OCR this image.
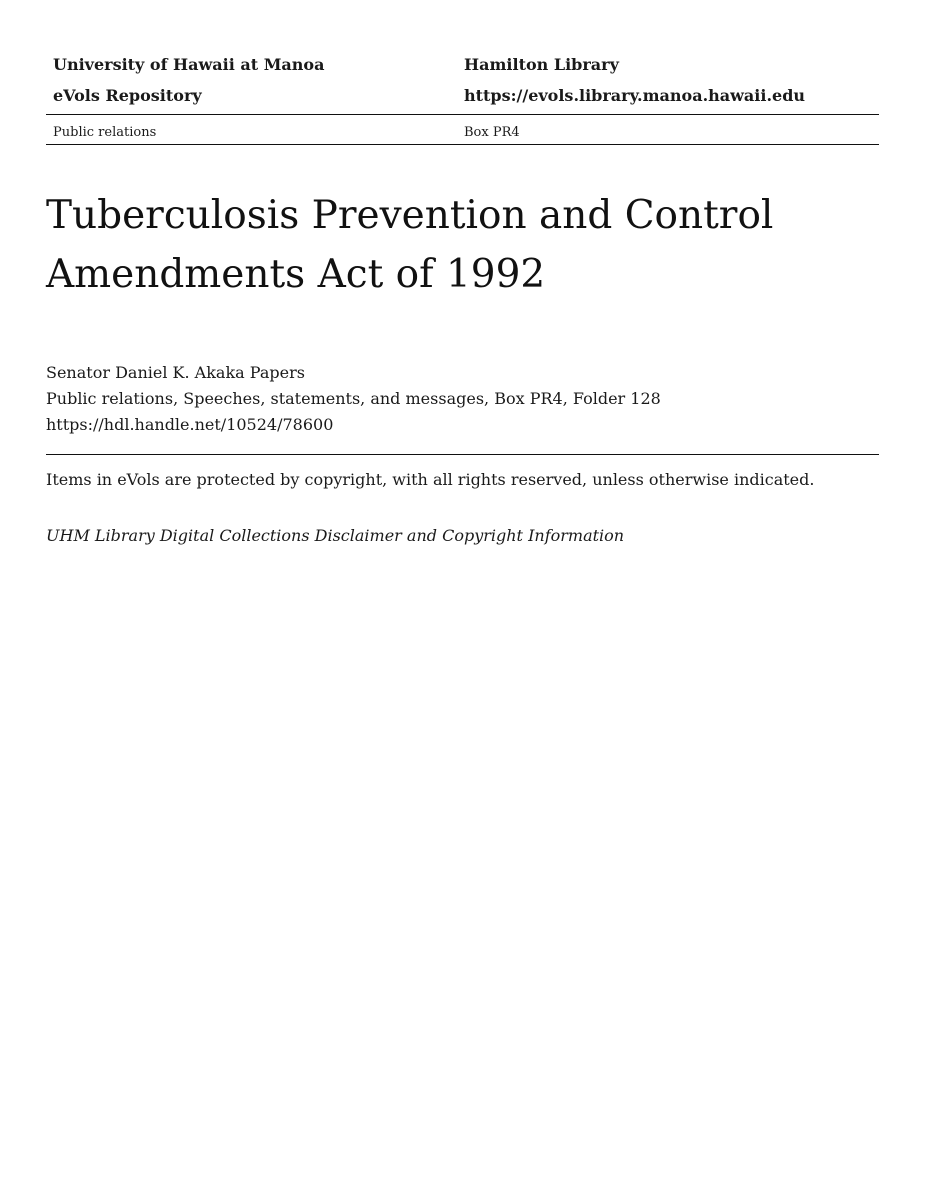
University of Hawaii at Manoa	Hamilton Library
eVols Repository	https://evols.library.manoa.hawaii.edu
Public relations	Box PR4
Tuberculosis Prevention and Control
Amendments Act of 1992
Senator Daniel K. Akaka Papers
Public relations, Speeches, statements, and messages, Box PR4, Folder 128
https://hdl.handle.net/10524/78600
Items in eVols are protected by copyright, with all rights reserved, unless otherwise indicated.
UHM Library Digital Collections Disclaimer and Copyright Information
